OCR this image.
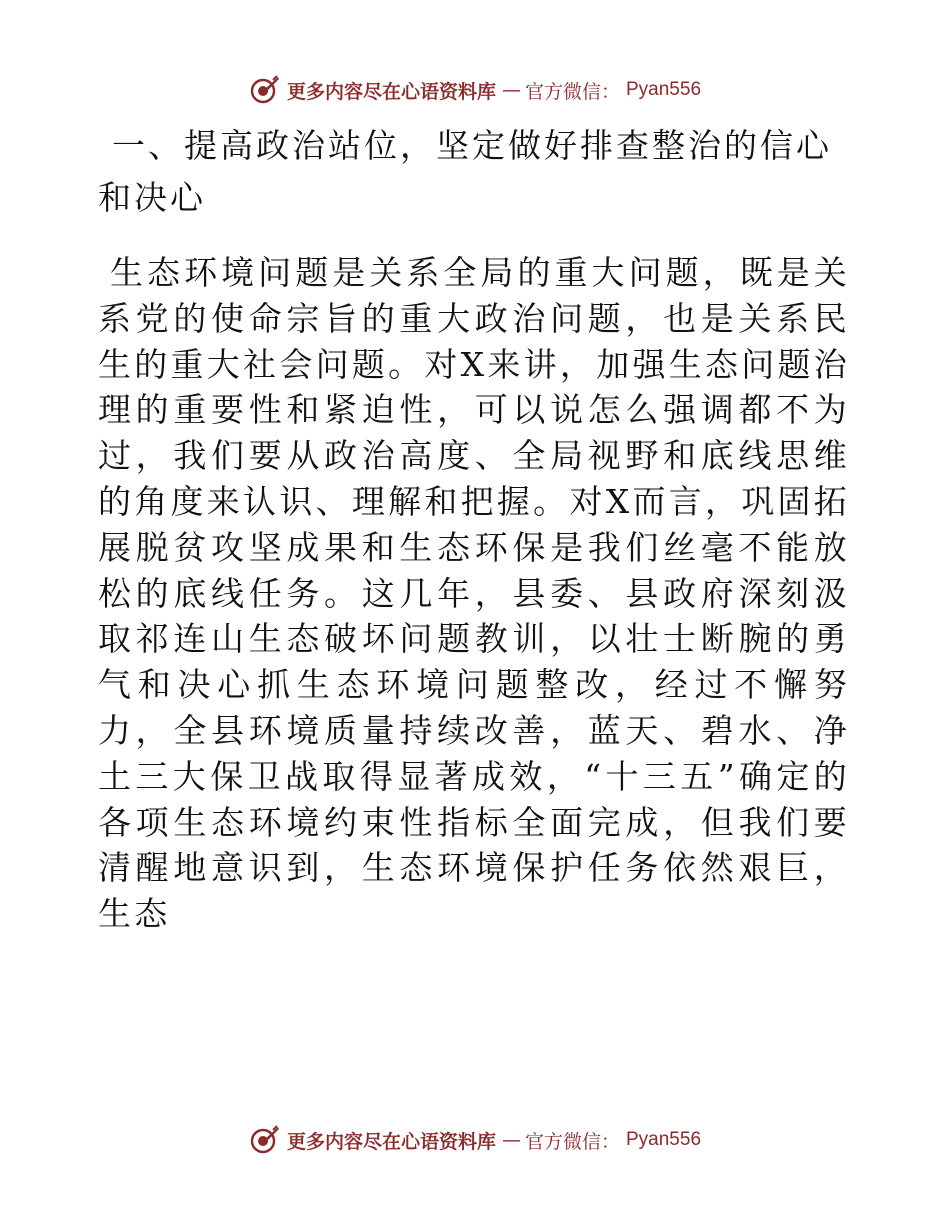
更多内容尽在心语资料库 — 官方微信： Pyan556
一、提高政治站位，坚定做好排查整治的信心和决心

生态环境问题是关系全局的重大问题，既是关系党的使命宗旨的重大政治问题，也是关系民生的重大社会问题。对X来讲，加强生态问题治理的重要性和紧迫性，可以说怎么强调都不为过，我们要从政治高度、全局视野和底线思维的角度来认识、理解和把握。对X而言，巩固拓展脱贫攻坚成果和生态环保是我们丝毫不能放松的底线任务。这几年，县委、县政府深刻汲取祁连山生态破坏问题教训，以壮士断腕的勇气和决心抓生态环境问题整改，经过不懈努力，全县环境质量持续改善，蓝天、碧水、净土三大保卫战取得显著成效，“十三五”确定的各项生态环境约束性指标全面完成，但我们要清醒地意识到，生态环境保护任务依然艰巨，生态

更多内容尽在心语资料库 — 官方微信： Pyan556
